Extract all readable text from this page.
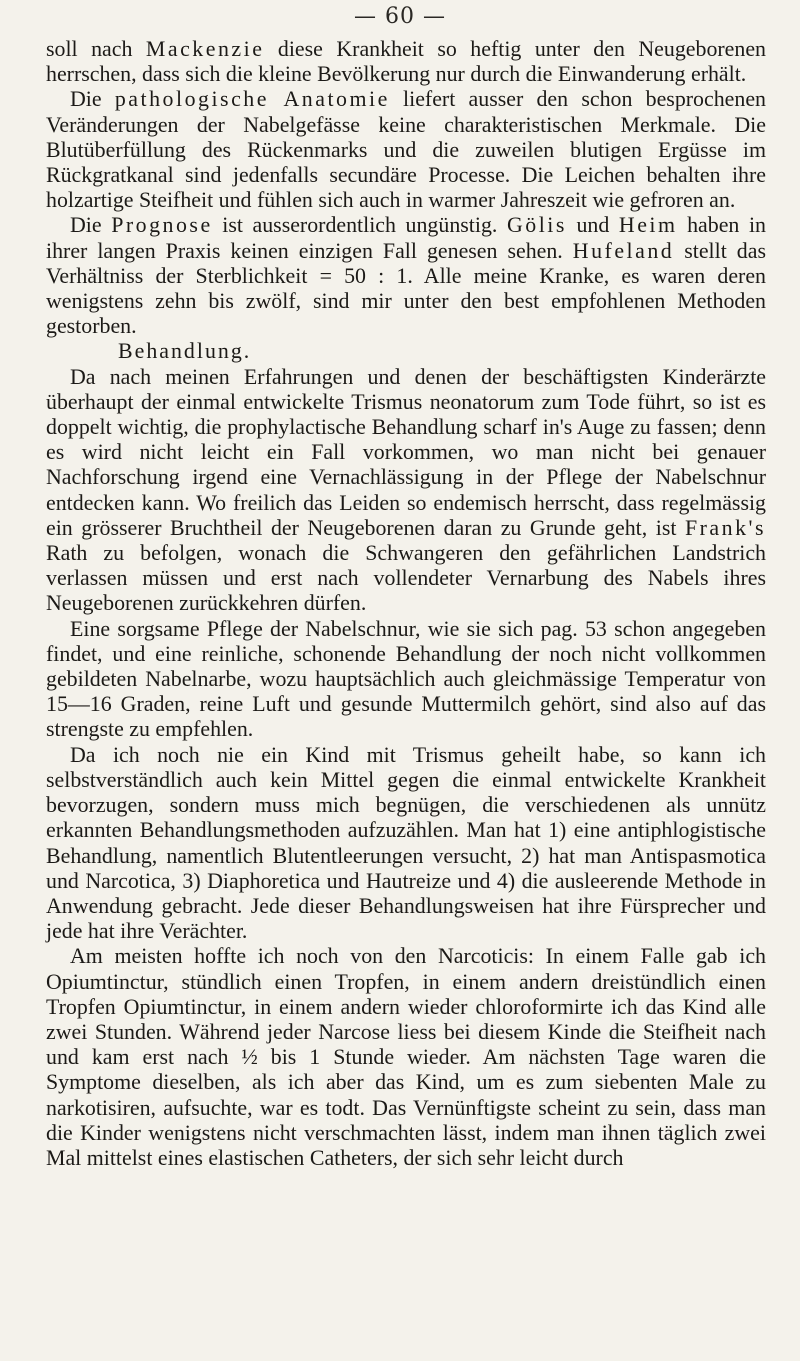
— 60 —

soll nach Mackenzie diese Krankheit so heftig unter den Neugeborenen herrschen, dass sich die kleine Bevölkerung nur durch die Einwanderung erhält.

Die pathologische Anatomie liefert ausser den schon besprochenen Veränderungen der Nabelgefässe keine charakteristischen Merkmale. Die Blutüberfüllung des Rückenmarks und die zuweilen blutigen Ergüsse im Rückgratkanal sind jedenfalls secundäre Processe. Die Leichen behalten ihre holzartige Steifheit und fühlen sich auch in warmer Jahreszeit wie gefroren an.

Die Prognose ist ausserordentlich ungünstig. Gölis und Heim haben in ihrer langen Praxis keinen einzigen Fall genesen sehen. Hufeland stellt das Verhältniss der Sterblichkeit = 50 : 1. Alle meine Kranke, es waren deren wenigstens zehn bis zwölf, sind mir unter den best empfohlenen Methoden gestorben.

Behandlung.

Da nach meinen Erfahrungen und denen der beschäftigsten Kinderärzte überhaupt der einmal entwickelte Trismus neonatorum zum Tode führt, so ist es doppelt wichtig, die prophylactische Behandlung scharf in's Auge zu fassen; denn es wird nicht leicht ein Fall vorkommen, wo man nicht bei genauer Nachforschung irgend eine Vernachlässigung in der Pflege der Nabelschnur entdecken kann. Wo freilich das Leiden so endemisch herrscht, dass regelmässig ein grösserer Bruchtheil der Neugeborenen daran zu Grunde geht, ist Frank's Rath zu befolgen, wonach die Schwangeren den gefährlichen Landstrich verlassen müssen und erst nach vollendeter Vernarbung des Nabels ihres Neugeborenen zurückkehren dürfen.

Eine sorgsame Pflege der Nabelschnur, wie sie sich pag. 53 schon angegeben findet, und eine reinliche, schonende Behandlung der noch nicht vollkommen gebildeten Nabelnarbe, wozu hauptsächlich auch gleichmässige Temperatur von 15—16 Graden, reine Luft und gesunde Muttermilch gehört, sind also auf das strengste zu empfehlen.

Da ich noch nie ein Kind mit Trismus geheilt habe, so kann ich selbstverständlich auch kein Mittel gegen die einmal entwickelte Krankheit bevorzugen, sondern muss mich begnügen, die verschiedenen als unnütz erkannten Behandlungsmethoden aufzuzählen. Man hat 1) eine antiphlogistische Behandlung, namentlich Blutentleerungen versucht, 2) hat man Antispasmotica und Narcotica, 3) Diaphoretica und Hautreize und 4) die ausleerende Methode in Anwendung gebracht. Jede dieser Behandlungsweisen hat ihre Fürsprecher und jede hat ihre Verächter.

Am meisten hoffte ich noch von den Narcoticis: In einem Falle gab ich Opiumtinctur, stündlich einen Tropfen, in einem andern dreistündlich einen Tropfen Opiumtinctur, in einem andern wieder chloroformirte ich das Kind alle zwei Stunden. Während jeder Narcose liess bei diesem Kinde die Steifheit nach und kam erst nach ½ bis 1 Stunde wieder. Am nächsten Tage waren die Symptome dieselben, als ich aber das Kind, um es zum siebenten Male zu narkotisiren, aufsuchte, war es todt. Das Vernünftigste scheint zu sein, dass man die Kinder wenigstens nicht verschmachten lässt, indem man ihnen täglich zwei Mal mittelst eines elastischen Catheters, der sich sehr leicht durch
